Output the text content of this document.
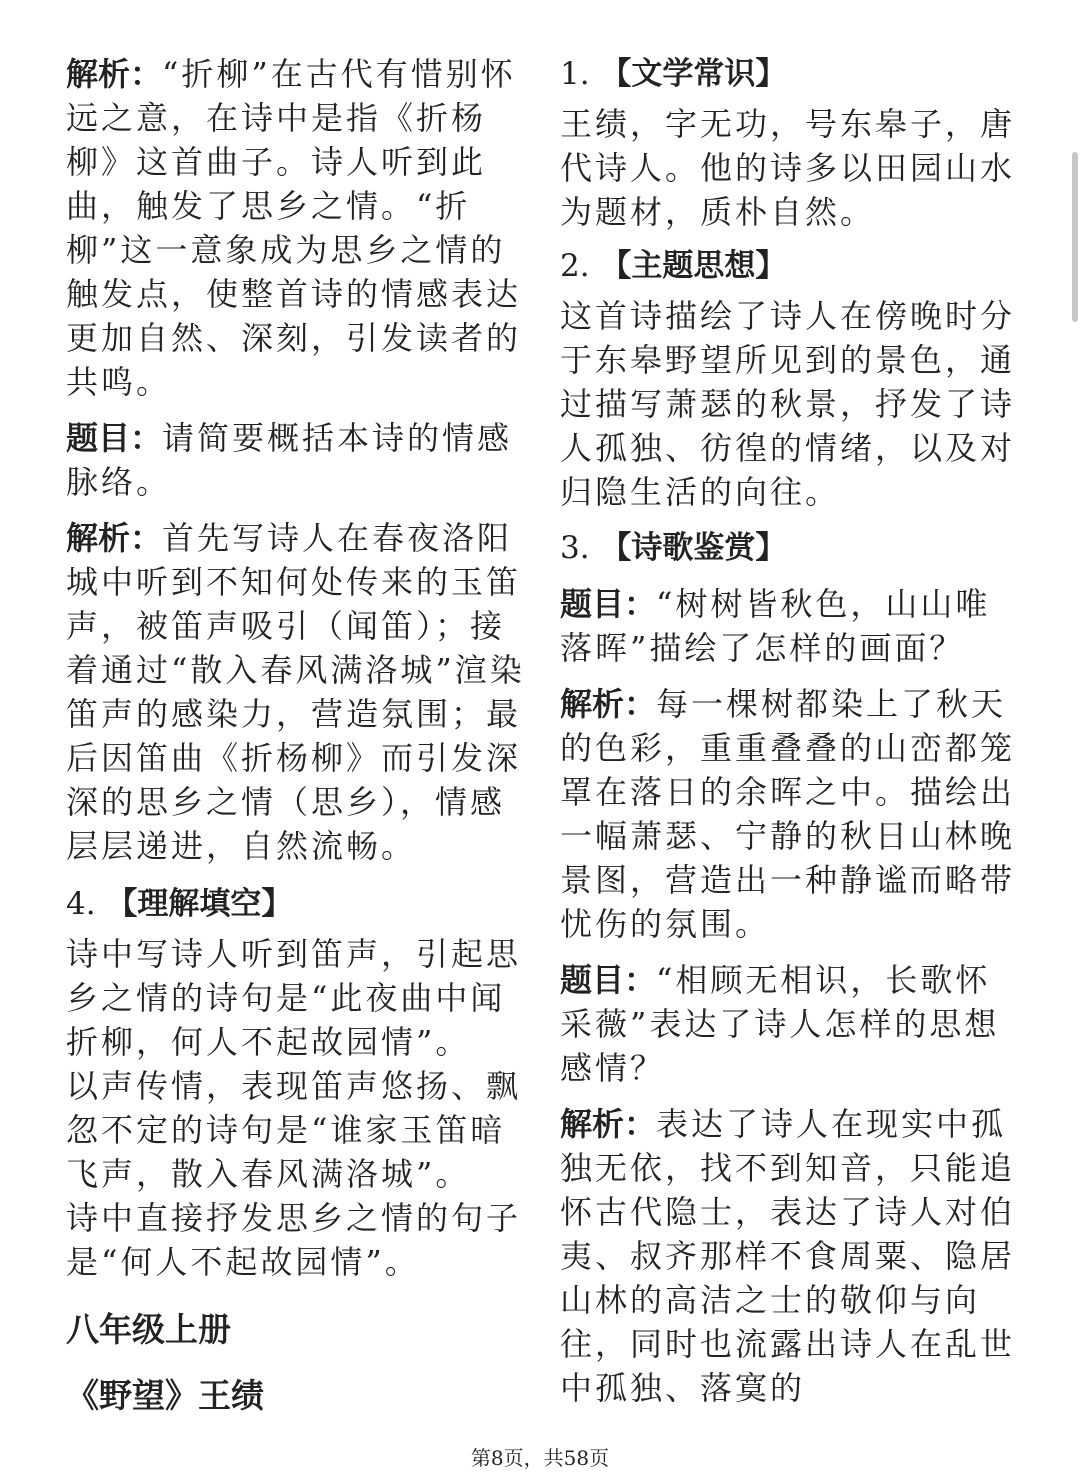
解析：“折柳”在古代有惜别怀远之意，在诗中是指《折杨柳》这首曲子。诗人听到此曲，触发了思乡之情。“折柳”这一意象成为思乡之情的触发点，使整首诗的情感表达更加自然、深刻，引发读者的共鸣。

题目：请简要概括本诗的情感脉络。

解析：首先写诗人在春夜洛阳城中听到不知何处传来的玉笛声，被笛声吸引（闻笛）；接着通过“散入春风满洛城”渲染笛声的感染力，营造氛围；最后因笛曲《折杨柳》而引发深深的思乡之情（思乡），情感层层递进，自然流畅。

4. 【理解填空】

诗中写诗人听到笛声，引起思乡之情的诗句是“此夜曲中闻折柳，何人不起故园情”。

以声传情，表现笛声悠扬、飘忽不定的诗句是“谁家玉笛暗飞声，散入春风满洛城”。

诗中直接抒发思乡之情的句子是“何人不起故园情”。

八年级上册
《野望》王绩
1. 【文学常识】

王绩，字无功，号东皋子，唐代诗人。他的诗多以田园山水为题材，质朴自然。

2. 【主题思想】

这首诗描绘了诗人在傍晚时分于东皋野望所见到的景色，通过描写萧瑟的秋景，抒发了诗人孤独、彷徨的情绪，以及对归隐生活的向往。

3. 【诗歌鉴赏】

题目：“树树皆秋色，山山唯落晖”描绘了怎样的画面？

解析：每一棵树都染上了秋天的色彩，重重叠叠的山峦都笼罩在落日的余晖之中。描绘出一幅萧瑟、宁静的秋日山林晚景图，营造出一种静谧而略带忧伤的氛围。

题目：“相顾无相识，长歌怀采薇”表达了诗人怎样的思想感情？

解析：表达了诗人在现实中孤独无依，找不到知音，只能追怀古代隐士，表达了诗人对伯夷、叔齐那样不食周粟、隐居山林的高洁之士的敬仰与向往，同时也流露出诗人在乱世中孤独、落寞的

第8页，共58页
